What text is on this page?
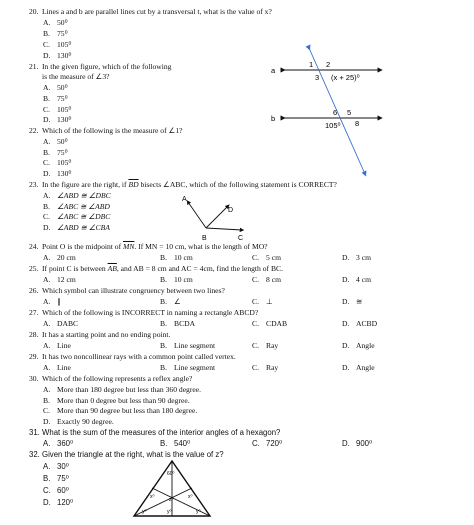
20. Lines a and b are parallel lines cut by a transversal t, what is the value of x?
A. 50⁰
B. 75⁰
C. 105⁰
D. 130⁰
21. In the given figure, which of the following
is the measure of ∠3?
A. 50⁰
B. 75⁰
C. 105⁰
D. 130⁰
22. Which of the following is the measure of ∠1?
A. 50⁰
B. 75⁰
C. 105⁰
D. 130⁰
a
b
1 2
3 (x + 25)⁰
6 5
105⁰ 8
23. In the figure are the right, if $\overline{BD}$ bisects ∠ABC, which of the following statement is CORRECT?
A. ∠ABD ≅ ∠DBC
B. ∠ABC ≅ ∠ABD
C. ∠ABC ≅ ∠DBC
D. ∠ABD ≅ ∠CBA
A
D
B	C
24. Point O is the midpoint of $\overline{MN}$. If MN = 10 cm, what is the length of MO?
A. 20 cm	B. 10 cm	C. 5 cm	D. 3 cm
25. If point C is between $\overline{AB}$, and AB = 8 cm and AC = 4cm, find the length of BC.
A. 12 cm	B. 10 cm	C. 8 cm	D. 4 cm
26. Which symbol can illustrate congruency between two lines?
A. ∥	B. ∠	C. ⊥	D. ≅
27. Which of the following is INCORRECT in naming a rectangle ABCD?
A. DABC	B. BCDA	C. CDAB	D. ACBD
28. It has a starting point and no ending point.
A. Line	B. Line segment	C. Ray	D. Angle
29. It has two noncollinear rays with a common point called vertex.
A. Line	B. Line segment	C. Ray	D. Angle
30. Which of the following represents a reflex angle?
A. More than 180 degree but less than 360 degree.
B. More than 0 degree but less than 90 degree.
C. More than 90 degree but less than 180 degree.
D. Exactly 90 degree.
31. What is the sum of the measures of the interior angles of a hexagon?
A. 360⁰	B. 540⁰	C. 720⁰	D. 900⁰
32. Given the triangle at the right, what is the value of z?
A. 30⁰
B. 75⁰
C. 60⁰
D. 120⁰
60⁰
x⁰	x⁰
z⁰
y⁰	y⁰	y⁰
